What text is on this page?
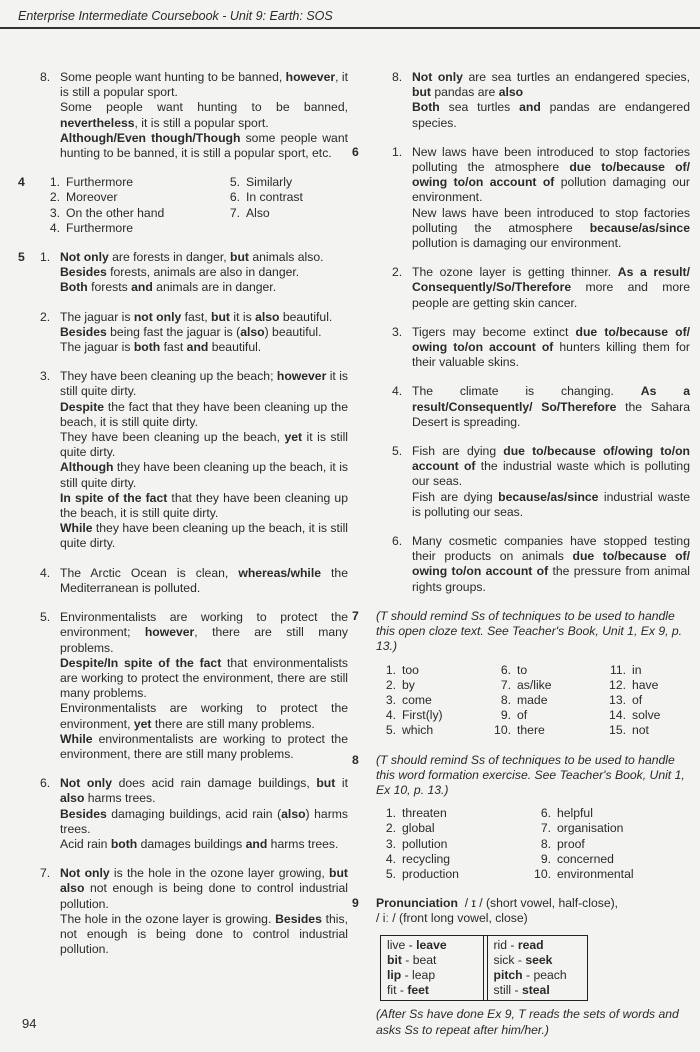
Enterprise Intermediate Coursebook - Unit 9: Earth: SOS
8. Some people want hunting to be banned, however, it is still a popular sport.

Some people want hunting to be banned, nevertheless, it is still a popular sport.

Although/Even though/Though some people want hunting to be banned, it is still a popular sport, etc.

4	1. Furthermore
2. Moreover
3. On the other hand
4. Furthermore
5. Similarly
6. In contrast
7. Also
5 1. Not only are forests in danger, but animals also.

Besides forests, animals are also in danger.

Both forests and animals are in danger.

2. The jaguar is not only fast, but it is also beautiful.

Besides being fast the jaguar is (also) beautiful.

The jaguar is both fast and beautiful.

3. They have been cleaning up the beach; however it is still quite dirty.

Despite the fact that they have been cleaning up the beach, it is still quite dirty.

They have been cleaning up the beach, yet it is still quite dirty.

Although they have been cleaning up the beach, it is still quite dirty.

In spite of the fact that they have been cleaning up the beach, it is still quite dirty.

While they have been cleaning up the beach, it is still quite dirty.

4. The Arctic Ocean is clean, whereas/while the Mediterranean is polluted.

5. Environmentalists are working to protect the environment; however, there are still many problems.

Despite/In spite of the fact that environmentalists are working to protect the environment, there are still many problems.

Environmentalists are working to protect the environment, yet there are still many problems.

While environmentalists are working to protect the environment, there are still many problems.

6. Not only does acid rain damage buildings, but it also harms trees.

Besides damaging buildings, acid rain (also) harms trees.

Acid rain both damages buildings and harms trees.

7. Not only is the hole in the ozone layer growing, but also not enough is being done to control industrial pollution.

The hole in the ozone layer is growing. Besides this, not enough is being done to control industrial pollution.

8. Not only are sea turtles an endangered species, but pandas are also

Both sea turtles and pandas are endangered species.

6	1. New laws have been introduced to stop factories polluting the atmosphere due to/because of/ owing to/on account of pollution damaging our environment.

New laws have been introduced to stop factories polluting the atmosphere because/as/since pollution is damaging our environment.

2. The ozone layer is getting thinner. As a result/ Consequently/So/Therefore more and more people are getting skin cancer.

3. Tigers may become extinct due to/because of/ owing to/on account of hunters killing them for their valuable skins.

4. The climate is changing. As a result/Consequently/ So/Therefore the Sahara Desert is spreading.

5. Fish are dying due to/because of/owing to/on account of the industrial waste which is polluting our seas.

Fish are dying because/as/since industrial waste is polluting our seas.

6. Many cosmetic companies have stopped testing their products on animals due to/because of/ owing to/on account of the pressure from animal rights groups.

7 (T should remind Ss of techniques to be used to handle this open cloze text. See Teacher's Book, Unit 1, Ex 9, p. 13.)

1. too
2. by
3. come
4. First(ly)
5. which
6. to
7. as/like
8. made
9. of
10. there
11. in
12. have
13. of
14. solve
15. not
8 (T should remind Ss of techniques to be used to handle this word formation exercise. See Teacher's Book, Unit 1, Ex 10, p. 13.)

1. threaten
2. global
3. pollution
4. recycling
5. production
6. helpful
7. organisation
8. proof
9. concerned
10. environmental
9 Pronunciation / ɪ / (short vowel, half-close),

/ iː / (front long vowel, close)

live - leave
bit - beat
lip - leap
fit - feet
rid - read
sick - seek
pitch - peach
still - steal

(After Ss have done Ex 9, T reads the sets of words and asks Ss to repeat after him/her.)

94
